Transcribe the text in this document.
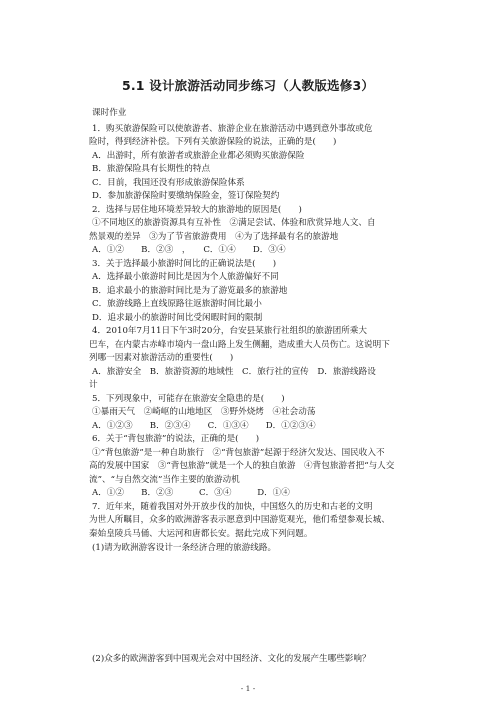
5.1 设计旅游活动同步练习（人教版选修3）
课时作业
1．购买旅游保险可以使旅游者、旅游企业在旅游活动中遇到意外事故或危
险时，得到经济补偿。下列有关旅游保险的说法，正确的是(　　)
A．出游时，所有旅游者或旅游企业都必须购买旅游保险
B．旅游保险具有长期性的特点
C．目前，我国还没有形成旅游保险体系
D．参加旅游保险时要缴纳保险金，签订保险契约
2．选择与居住地环境差异较大的旅游地的原因是(　　)
①不同地区的旅游资源具有互补性　②满足尝试、体验和欣赏异地人文、自
然景观的差异　③为了节省旅游费用　④为了选择最有名的旅游地
A．①②　　B．②③　，　　C．①④　　D．③④
3．关于选择最小旅游时间比的正确说法是(　　)
A．选择最小旅游时间比是因为个人旅游偏好不同
B．追求最小的旅游时间比是为了游览最多的旅游地
C．旅游线路上直线原路往返旅游时间比最小
D．追求最小的旅游时间比受闲暇时间的限制
4．2010年7月11日下午3时20分，台安县某旅行社组织的旅游团所乘大
巴车，在内蒙古赤峰市境内一盘山路上发生侧翻，造成重大人员伤亡。这说明下
列哪一因素对旅游活动的重要性(　　)
A．旅游安全　B．旅游资源的地域性　C．旅行社的宣传　D．旅游线路设
计
5．下列现象中，可能存在旅游安全隐患的是(　　)
①暴雨天气　②崎岖的山地地区　③野外烧烤　④社会动荡
A．①②③　　B．②③④　　C．①③④　　D．①②③④
6．关于“背包旅游”的说法，正确的是(　　)
①“背包旅游”是一种自助旅行　②“背包旅游”起源于经济欠发达、国民收入不
高的发展中国家　③“背包旅游”就是一个人的独自旅游　④背包旅游者把“与人交
流”、“与自然交流”当作主要的旅游动机
A．①②　　B．②③　　　C．③④　　　D．①④
7．近年来，随着我国对外开放步伐的加快，中国悠久的历史和古老的文明
为世人所瞩目，众多的欧洲游客表示愿意到中国游览观光，他们希望参观长城、
秦始皇陵兵马俑、大运河和唐都长安。据此完成下列问题。
(1)请为欧洲游客设计一条经济合理的旅游线路。
(2)众多的欧洲游客到中国观光会对中国经济、文化的发展产生哪些影响？
- 1 -
